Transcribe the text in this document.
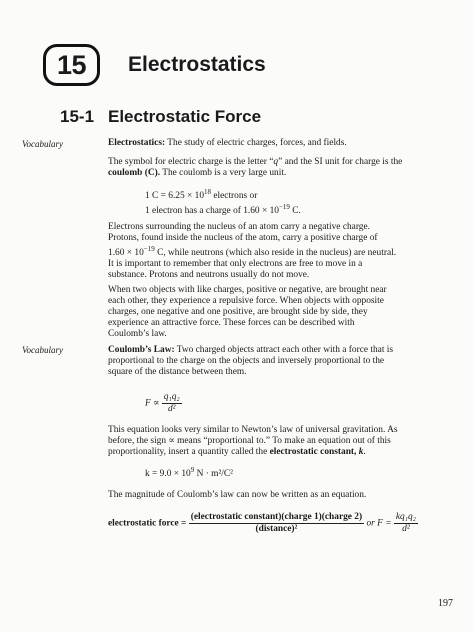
15 Electrostatics
15-1 Electrostatic Force
Vocabulary	Electrostatics: The study of electric charges, forces, and fields.

The symbol for electric charge is the letter “q” and the SI unit for charge is the
coulomb (C). The coulomb is a very large unit.

1 $C = 6.25 \times 10^{18}$ electrons or
1 electron has a charge of $1.60 \times 10^{-19}$ C.

Electrons surrounding the nucleus of an atom carry a negative charge.
Protons, found inside the nucleus of the atom, carry a positive charge of
$1.60 \times 10^{-19}$ C, while neutrons (which also reside in the nucleus) are neutral.
It is important to remember that only electrons are free to move in a
substance. Protons and neutrons usually do not move.

When two objects with like charges, positive or negative, are brought near
each other, they experience a repulsive force. When objects with opposite
charges, one negative and one positive, are brought side by side, they
experience an attractive force. These forces can be described with
Coulomb’s law.

Vocabulary	Coulomb’s Law: Two charged objects attract each other with a force that is
proportional to the charge on the objects and inversely proportional to the
square of the distance between them.

$F \propto \frac{\text{q₁q₂}}{\text{d²}}$

This equation looks very similar to Newton’s law of universal gravitation. As
before, the sign ∝ means “proportional to.” To make an equation out of this
proportionality, insert a quantity called the electrostatic constant, k.

$k = 9.0 \times 10^9$ N · m²/C²
The magnitude of Coulomb’s law can now be written as an equation.
electrostatic force = $\frac{\text{(electrostatic constant)(charge 1)(charge 2)}}{\text{(distance)²}}$ or $F = \frac{\text{kq₁q₂}}{\text{d²}}$
197
